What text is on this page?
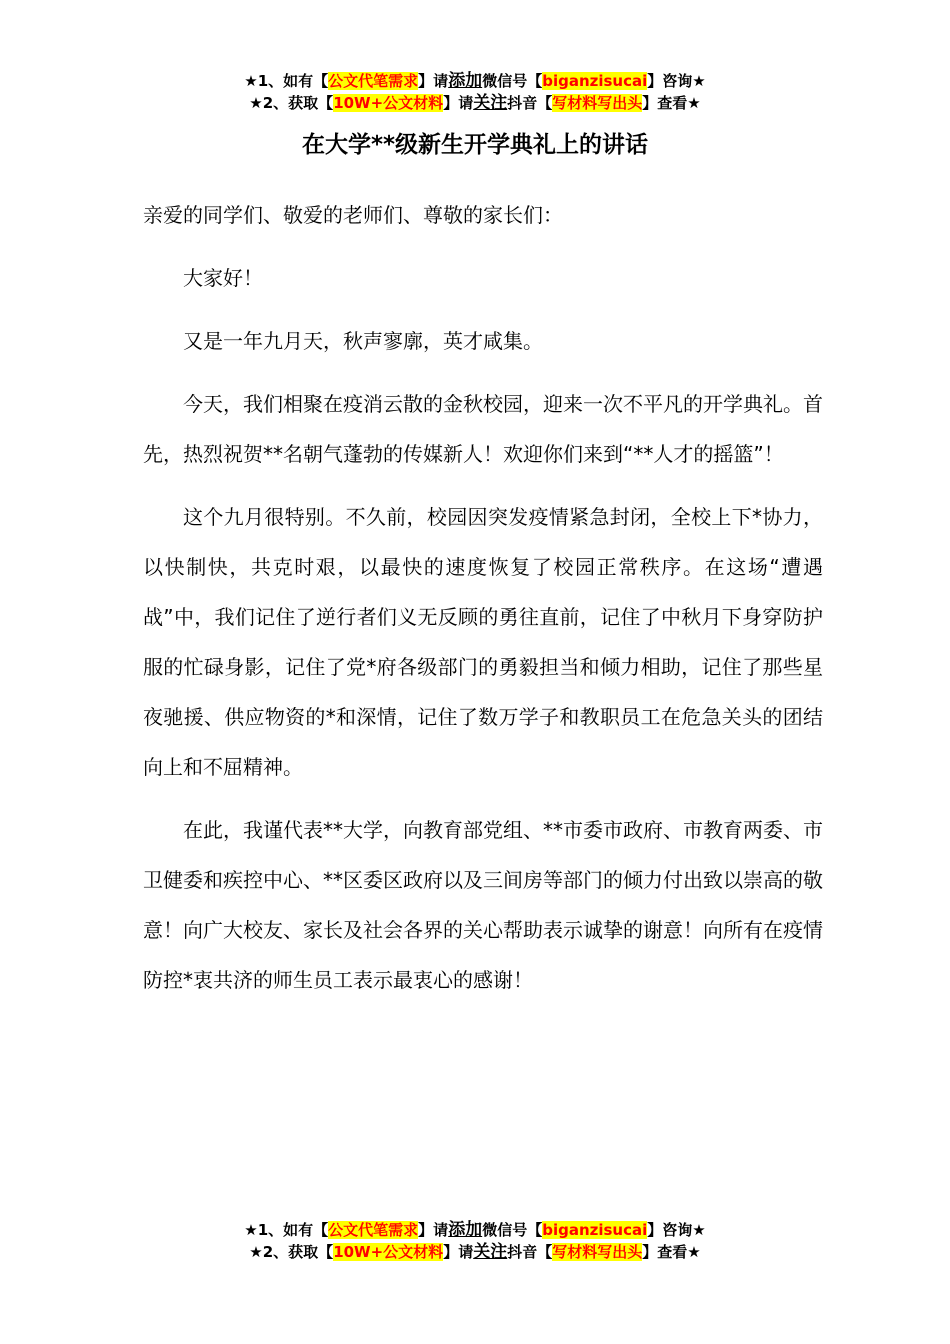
★1、如有【公文代笔需求】请添加微信号【biganzisucai】咨询★
★2、获取【10W+公文材料】请关注抖音【写材料写出头】查看★
在大学**级新生开学典礼上的讲话

亲爱的同学们、敬爱的老师们、尊敬的家长们：

大家好！

又是一年九月天，秋声寥廓，英才咸集。

今天，我们相聚在疫消云散的金秋校园，迎来一次不平凡的开学典礼。首先，热烈祝贺**名朝气蓬勃的传媒新人！欢迎你们来到“**人才的摇篮”！

这个九月很特别。不久前，校园因突发疫情紧急封闭，全校上下*协力，以快制快，共克时艰，以最快的速度恢复了校园正常秩序。在这场“遭遇战”中，我们记住了逆行者们义无反顾的勇往直前，记住了中秋月下身穿防护服的忙碌身影，记住了党*府各级部门的勇毅担当和倾力相助，记住了那些星夜驰援、供应物资的*和深情，记住了数万学子和教职员工在危急关头的团结向上和不屈精神。

在此，我谨代表**大学，向教育部党组、**市委市政府、市教育两委、市卫健委和疾控中心、**区委区政府以及三间房等部门的倾力付出致以崇高的敬意！向广大校友、家长及社会各界的关心帮助表示诚挚的谢意！向所有在疫情防控*衷共济的师生员工表示最衷心的感谢！

★1、如有【公文代笔需求】请添加微信号【biganzisucai】咨询★
★2、获取【10W+公文材料】请关注抖音【写材料写出头】查看★
